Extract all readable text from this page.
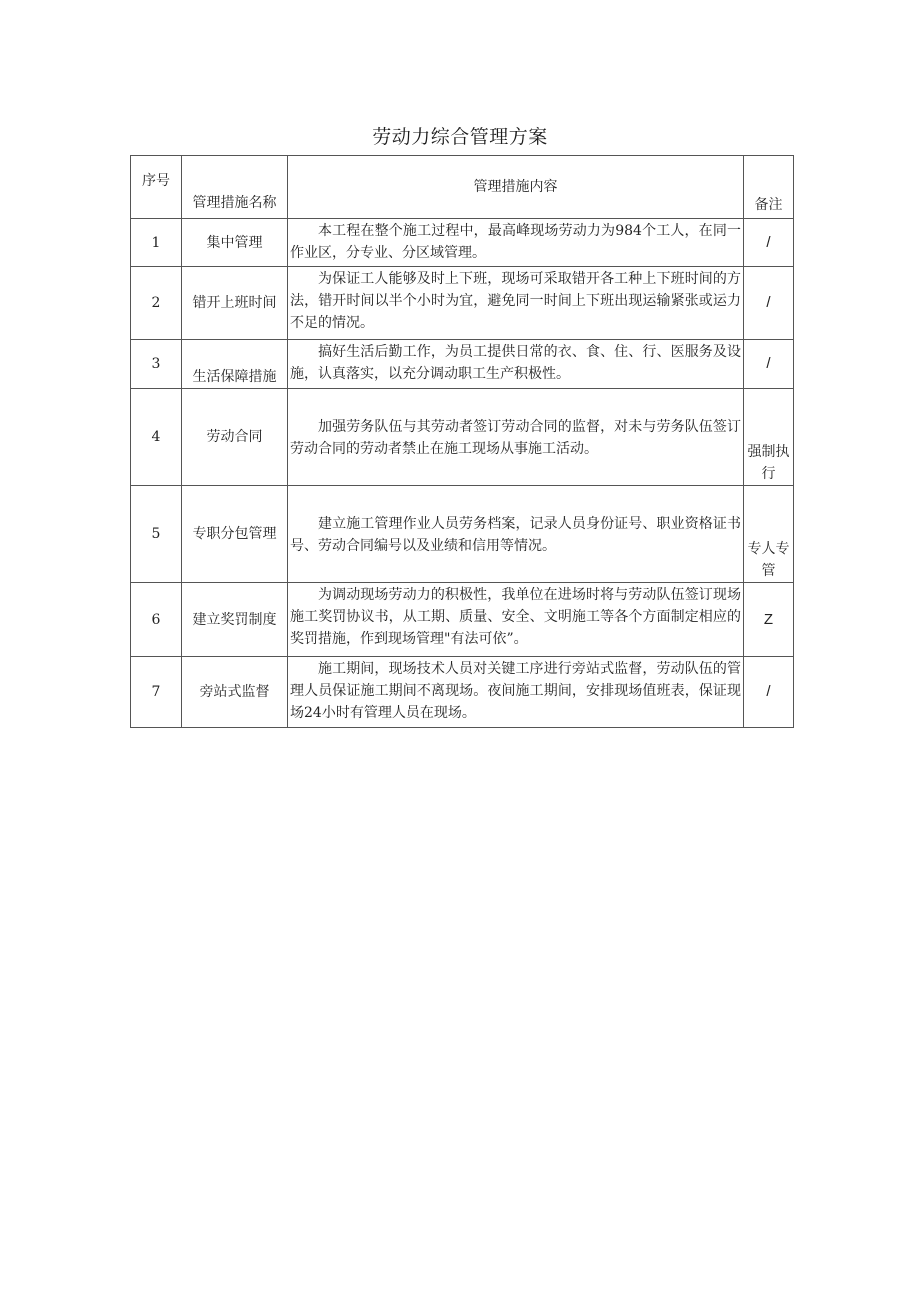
劳动力综合管理方案
序号	管理措施名称	管理措施内容	备注
1	集中管理	本工程在整个施工过程中，最高峰现场劳动力为984个工人，在同一作业区，分专业、分区域管理。	/
2	错开上班时间	为保证工人能够及时上下班，现场可采取错开各工种上下班时间的方法，错开时间以半个小时为宜，避免同一时间上下班出现运输紧张或运力不足的情况。	/
3	生活保障措施	搞好生活后勤工作，为员工提供日常的衣、食、住、行、医服务及设施，认真落实，以充分调动职工生产积极性。	/
4	劳动合同	加强劳务队伍与其劳动者签订劳动合同的监督，对未与劳务队伍签订劳动合同的劳动者禁止在施工现场从事施工活动。	强制执行
5	专职分包管理	建立施工管理作业人员劳务档案，记录人员身份证号、职业资格证书号、劳动合同编号以及业绩和信用等情况。	专人专管
6	建立奖罚制度	为调动现场劳动力的积极性，我单位在进场时将与劳动队伍签订现场施工奖罚协议书，从工期、质量、安全、文明施工等各个方面制定相应的奖罚措施，作到现场管理"有法可依”。	Z
7	旁站式监督	施工期间，现场技术人员对关键工序进行旁站式监督，劳动队伍的管理人员保证施工期间不离现场。夜间施工期间，安排现场值班表，保证现场24小时有管理人员在现场。	/
